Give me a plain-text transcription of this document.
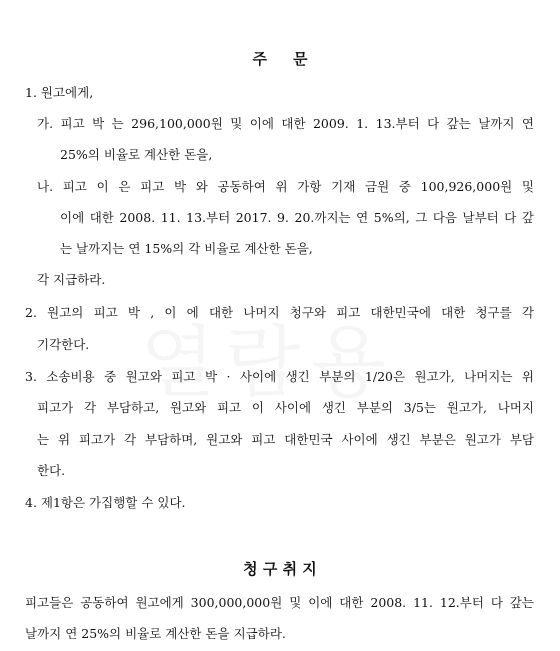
주     문
1. 원고에게,
가. 피고 박 는 296,100,000원 및 이에 대한 2009. 1. 13.부터 다 갚는 날까지 연
25%의 비율로 계산한 돈을,
나. 피고 이 은 피고 박 와 공동하여 위 가항 기재 금원 중 100,926,000원 및
이에 대한 2008. 11. 13.부터 2017. 9. 20.까지는 연 5%의, 그 다음 날부터 다 갚
는 날까지는 연 15%의 각 비율로 계산한 돈을,
각 지급하라.
2. 원고의 피고 박 , 이 에 대한 나머지 청구와 피고 대한민국에 대한 청구를 각
기각한다.
3. 소송비용 중 원고와 피고 박 · 사이에 생긴 부분의 1/20은 원고가, 나머지는 위
피고가 각 부담하고, 원고와 피고 이 사이에 생긴 부분의 3/5는 원고가, 나머지
는 위 피고가 각 부담하며, 원고와 피고 대한민국 사이에 생긴 부분은 원고가 부담
한다.
4. 제1항은 가집행할 수 있다.
청 구 취 지
피고들은 공동하여 원고에게 300,000,000원 및 이에 대한 2008. 11. 12.부터 다 갚는
날까지 연 25%의 비율로 계산한 돈을 지급하라.
